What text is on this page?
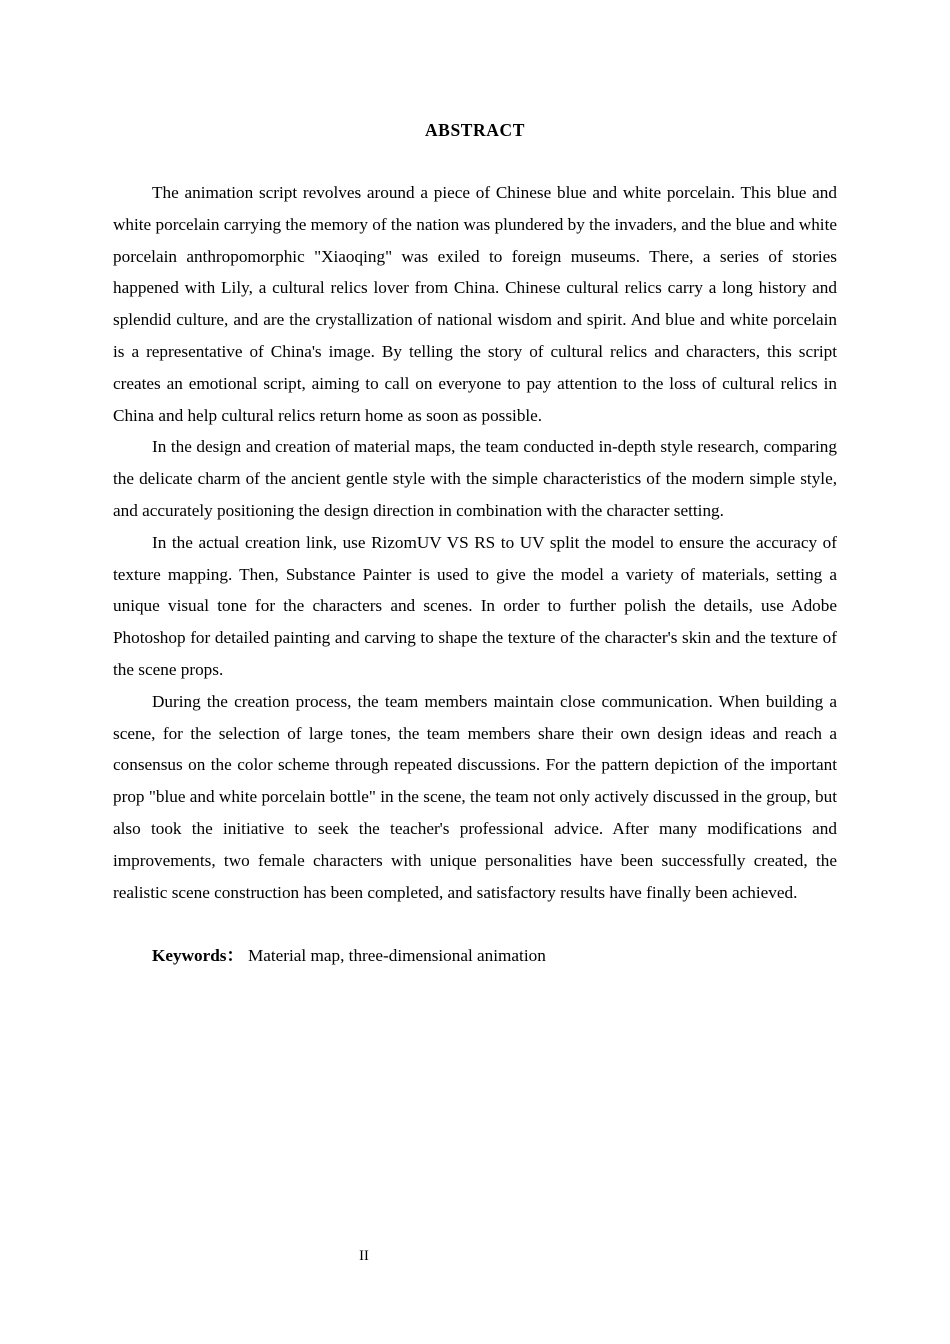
ABSTRACT

The animation script revolves around a piece of Chinese blue and white porcelain. This blue and white porcelain carrying the memory of the nation was plundered by the invaders, and the blue and white porcelain anthropomorphic "Xiaoqing" was exiled to foreign museums. There, a series of stories happened with Lily, a cultural relics lover from China. Chinese cultural relics carry a long history and splendid culture, and are the crystallization of national wisdom and spirit. And blue and white porcelain is a representative of China's image. By telling the story of cultural relics and characters, this script creates an emotional script, aiming to call on everyone to pay attention to the loss of cultural relics in China and help cultural relics return home as soon as possible.

In the design and creation of material maps, the team conducted in-depth style research, comparing the delicate charm of the ancient gentle style with the simple characteristics of the modern simple style, and accurately positioning the design direction in combination with the character setting.

In the actual creation link, use RizomUV VS RS to UV split the model to ensure the accuracy of texture mapping. Then, Substance Painter is used to give the model a variety of materials, setting a unique visual tone for the characters and scenes. In order to further polish the details, use Adobe Photoshop for detailed painting and carving to shape the texture of the character's skin and the texture of the scene props.

During the creation process, the team members maintain close communication. When building a scene, for the selection of large tones, the team members share their own design ideas and reach a consensus on the color scheme through repeated discussions. For the pattern depiction of the important prop "blue and white porcelain bottle" in the scene, the team not only actively discussed in the group, but also took the initiative to seek the teacher's professional advice. After many modifications and improvements, two female characters with unique personalities have been successfully created, the realistic scene construction has been completed, and satisfactory results have finally been achieved.

Keywords： Material map, three-dimensional animation

II
